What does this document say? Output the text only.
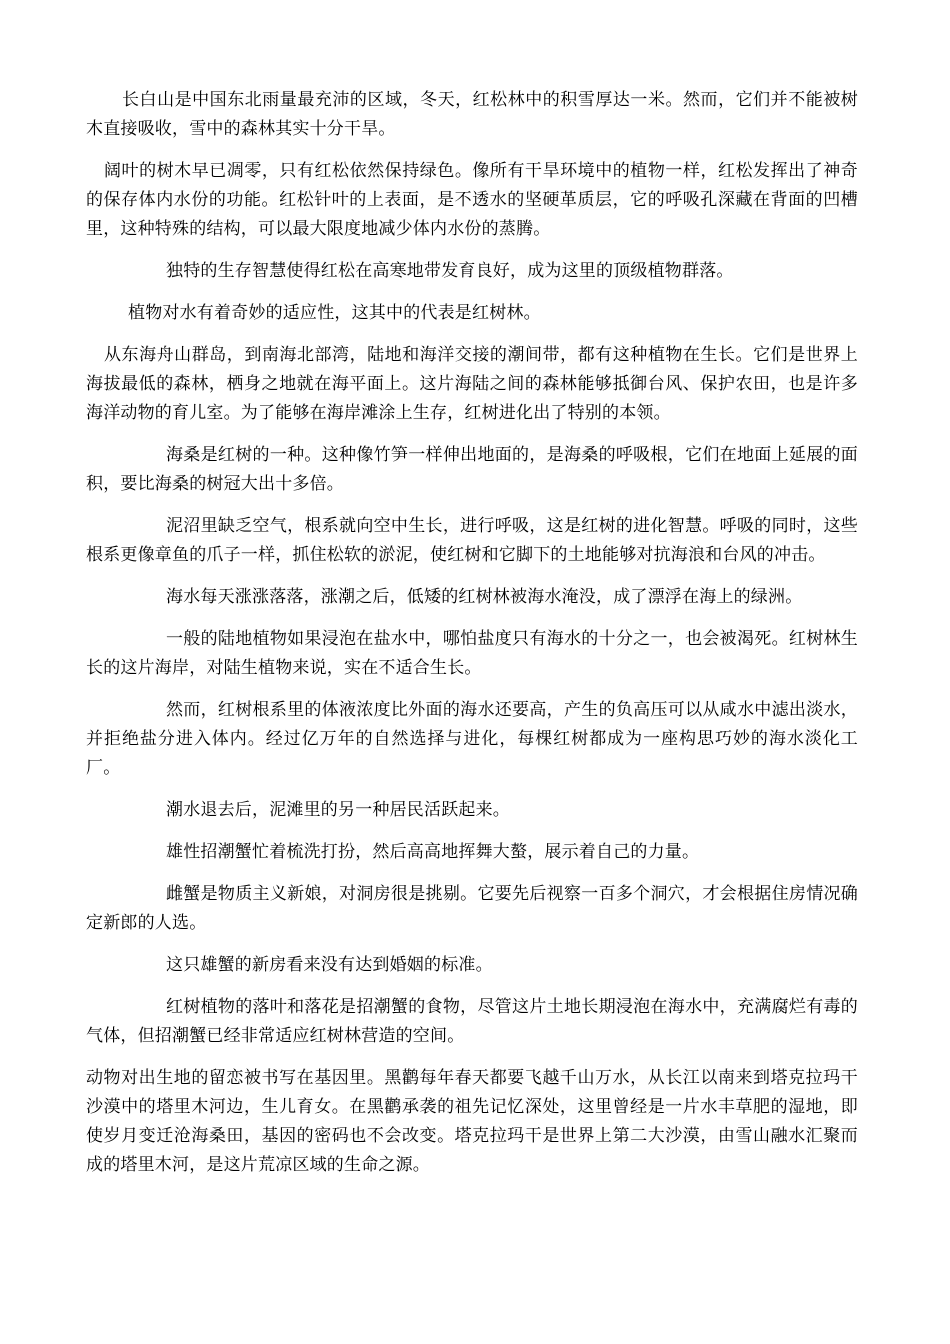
长白山是中国东北雨量最充沛的区域，冬天，红松林中的积雪厚达一米。然而，它们并不能被树木直接吸收，雪中的森林其实十分干旱。

阔叶的树木早已凋零，只有红松依然保持绿色。像所有干旱环境中的植物一样，红松发挥出了神奇的保存体内水份的功能。红松针叶的上表面，是不透水的坚硬革质层，它的呼吸孔深藏在背面的凹槽里，这种特殊的结构，可以最大限度地减少体内水份的蒸腾。

独特的生存智慧使得红松在高寒地带发育良好，成为这里的顶级植物群落。

植物对水有着奇妙的适应性，这其中的代表是红树林。

从东海舟山群岛，到南海北部湾，陆地和海洋交接的潮间带，都有这种植物在生长。它们是世界上海拔最低的森林，栖身之地就在海平面上。这片海陆之间的森林能够抵御台风、保护农田，也是许多海洋动物的育儿室。为了能够在海岸滩涂上生存，红树进化出了特别的本领。

海桑是红树的一种。这种像竹笋一样伸出地面的，是海桑的呼吸根，它们在地面上延展的面积，要比海桑的树冠大出十多倍。

泥沼里缺乏空气，根系就向空中生长，进行呼吸，这是红树的进化智慧。呼吸的同时，这些根系更像章鱼的爪子一样，抓住松软的淤泥，使红树和它脚下的土地能够对抗海浪和台风的冲击。

海水每天涨涨落落，涨潮之后，低矮的红树林被海水淹没，成了漂浮在海上的绿洲。

一般的陆地植物如果浸泡在盐水中，哪怕盐度只有海水的十分之一，也会被渴死。红树林生长的这片海岸，对陆生植物来说，实在不适合生长。

然而，红树根系里的体液浓度比外面的海水还要高，产生的负高压可以从咸水中滤出淡水，并拒绝盐分进入体内。经过亿万年的自然选择与进化，每棵红树都成为一座构思巧妙的海水淡化工厂。

潮水退去后，泥滩里的另一种居民活跃起来。

雄性招潮蟹忙着梳洗打扮，然后高高地挥舞大螯，展示着自己的力量。

雌蟹是物质主义新娘，对洞房很是挑剔。它要先后视察一百多个洞穴，才会根据住房情况确定新郎的人选。

这只雄蟹的新房看来没有达到婚姻的标准。

红树植物的落叶和落花是招潮蟹的食物，尽管这片土地长期浸泡在海水中，充满腐烂有毒的气体，但招潮蟹已经非常适应红树林营造的空间。

动物对出生地的留恋被书写在基因里。黑鹳每年春天都要飞越千山万水，从长江以南来到塔克拉玛干沙漠中的塔里木河边，生儿育女。在黑鹳承袭的祖先记忆深处，这里曾经是一片水丰草肥的湿地，即使岁月变迁沧海桑田，基因的密码也不会改变。塔克拉玛干是世界上第二大沙漠，由雪山融水汇聚而成的塔里木河，是这片荒凉区域的生命之源。
